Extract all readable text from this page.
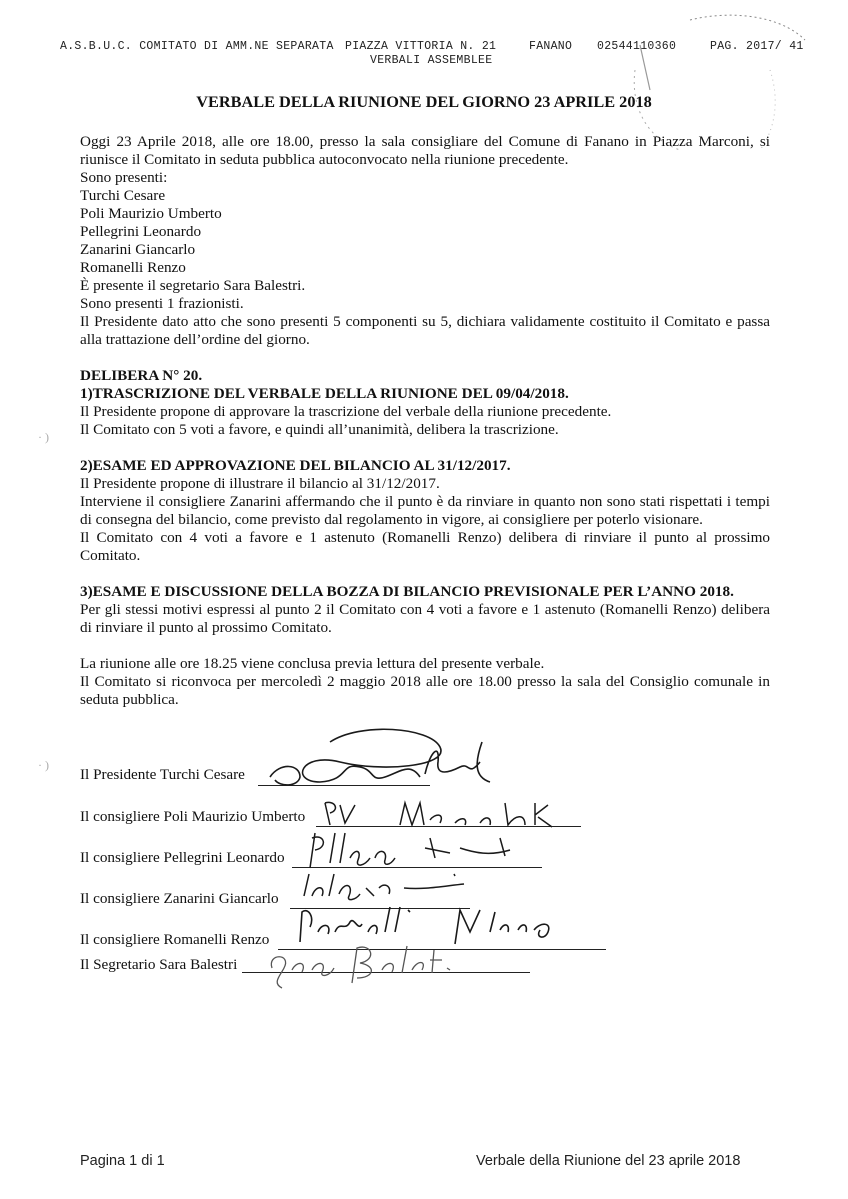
A.S.B.U.C. COMITATO DI AMM.NE SEPARATA PIAZZA VITTORIA N. 21
VERBALI ASSEMBLEE
FANANO 02544110360	PAG. 2017/ 41
VERBALE DELLA RIUNIONE DEL GIORNO 23 APRILE 2018

Oggi 23 Aprile 2018, alle ore 18.00, presso la sala consigliare del Comune di Fanano in Piazza Marconi, si riunisce il Comitato in seduta pubblica autoconvocato nella riunione precedente.

Sono presenti:

Turchi Cesare

Poli Maurizio Umberto

Pellegrini Leonardo

Zanarini Giancarlo

Romanelli Renzo

È presente il segretario Sara Balestri.

Sono presenti 1 frazionisti.

Il Presidente dato atto che sono presenti 5 componenti su 5, dichiara validamente costituito il Comitato e passa alla trattazione dell’ordine del giorno.

DELIBERA N° 20.

1)TRASCRIZIONE DEL VERBALE DELLA RIUNIONE DEL 09/04/2018.

Il Presidente propone di approvare la trascrizione del verbale della riunione precedente.

Il Comitato con 5 voti a favore, e quindi all’unanimità, delibera la trascrizione.

2)ESAME ED APPROVAZIONE DEL BILANCIO AL 31/12/2017.

Il Presidente propone di illustrare il bilancio al 31/12/2017.

Interviene il consigliere Zanarini affermando che il punto è da rinviare in quanto non sono stati rispettati i tempi di consegna del bilancio, come previsto dal regolamento in vigore, ai consigliere per poterlo visionare.

Il Comitato con 4 voti a favore e 1 astenuto (Romanelli Renzo) delibera di rinviare il punto al prossimo Comitato.

3)ESAME E DISCUSSIONE DELLA BOZZA DI BILANCIO PREVISIONALE PER L’ANNO 2018.

Per gli stessi motivi espressi al punto 2 il Comitato con 4 voti a favore e 1 astenuto (Romanelli Renzo) delibera di rinviare il punto al prossimo Comitato.

La riunione alle ore 18.25 viene conclusa previa lettura del presente verbale.

Il Comitato si riconvoca per mercoledì 2 maggio 2018 alle ore 18.00 presso la sala del Consiglio comunale in seduta pubblica.

· )
· )
Il Presidente Turchi Cesare
Il consigliere Poli Maurizio Umberto
Il consigliere Pellegrini Leonardo
Il consigliere Zanarini Giancarlo
Il consigliere Romanelli Renzo
Il Segretario Sara Balestri
Pagina 1 di 1	Verbale della Riunione del 23 aprile 2018
